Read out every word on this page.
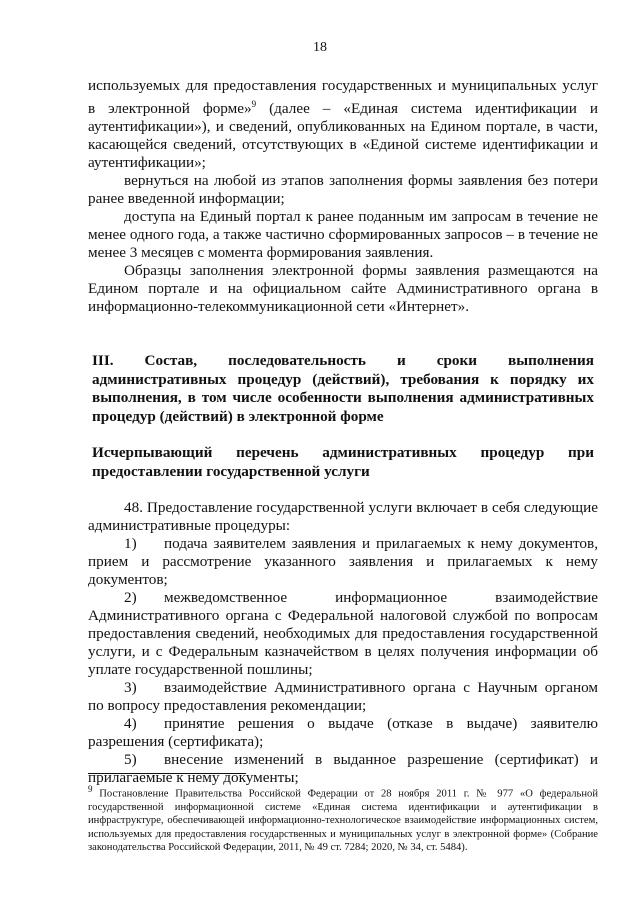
18

используемых для предоставления государственных и муниципальных услуг в электронной форме»$^9$ (далее – «Единая система идентификации и аутентификации»), и сведений, опубликованных на Едином портале, в части, касающейся сведений, отсутствующих в «Единой системе идентификации и аутентификации»;

вернуться на любой из этапов заполнения формы заявления без потери ранее введенной информации;

доступа на Единый портал к ранее поданным им запросам в течение не менее одного года, а также частично сформированных запросов – в течение не менее 3 месяцев с момента формирования заявления.

Образцы заполнения электронной формы заявления размещаются на Едином портале и на официальном сайте Административного органа в информационно-телекоммуникационной сети «Интернет».

III. Состав, последовательность и сроки выполнения административных процедур (действий), требования к порядку их выполнения, в том числе особенности выполнения административных процедур (действий) в электронной форме

Исчерпывающий перечень административных процедур при предоставлении государственной услуги

48. Предоставление государственной услуги включает в себя следующие административные процедуры:

1) подача заявителем заявления и прилагаемых к нему документов, прием и рассмотрение указанного заявления и прилагаемых к нему документов;

2) межведомственное информационное взаимодействие Административного органа с Федеральной налоговой службой по вопросам предоставления сведений, необходимых для предоставления государственной услуги, и с Федеральным казначейством в целях получения информации об уплате государственной пошлины;

3) взаимодействие Административного органа с Научным органом по вопросу предоставления рекомендации;

4) принятие решения о выдаче (отказе в выдаче) заявителю разрешения (сертификата);

5) внесение изменений в выданное разрешение (сертификат) и прилагаемые к нему документы;

$^9$ Постановление Правительства Российской Федерации от 28 ноября 2011 г. № 977 «О федеральной государственной информационной системе «Единая система идентификации и аутентификации в инфраструктуре, обеспечивающей информационно-технологическое взаимодействие информационных систем, используемых для предоставления государственных и муниципальных услуг в электронной форме» (Собрание законодательства Российской Федерации, 2011, № 49 ст. 7284; 2020, № 34, ст. 5484).
